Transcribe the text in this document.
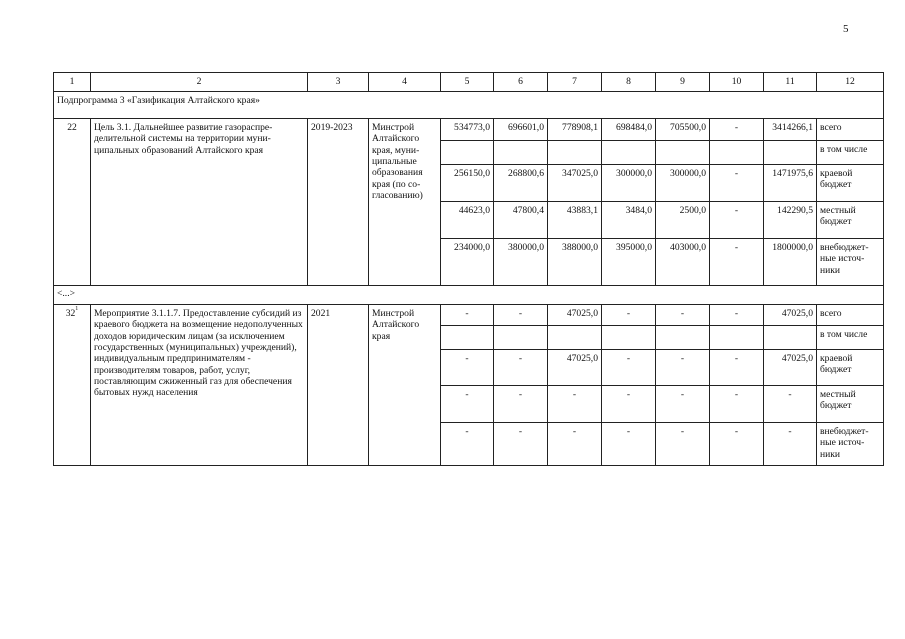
5
1	2	3	4	5	6	7	8	9	10	11	12
Подпрограмма 3 «Газификация Алтайского края»											
22	Цель 3.1. Дальнейшее развитие газораспределительной системы на территории муниципальных образований Алтайского края	2019-2023	Минстрой Алтайского края, муниципальные образования края (по согласованию)	534773,0	696601,0	778908,1	698484,0	705500,0	-	3414266,1	всего
											в том числе
				256150,0	268800,6	347025,0	300000,0	300000,0	-	1471975,6	краевой бюджет
				44623,0	47800,4	43883,1	3484,0	2500,0	-	142290,5	местный бюджет
				234000,0	380000,0	388000,0	395000,0	403000,0	-	1800000,0	внебюджетные источники
<...>											
$32^1$	Мероприятие 3.1.1.7. Предоставление субсидий из краевого бюджета на возмещение недополученных доходов юридическим лицам (за исключением государственных (муниципальных) учреждений), индивидуальным предпринимателям - производителям товаров, работ, услуг, поставляющим сжиженный газ для обеспечения бытовых нужд населения	2021	Минстрой Алтайского края	-	-	47025,0	-	-	-	47025,0	всего
											в том числе
				-	-	47025,0	-	-	-	47025,0	краевой бюджет
				-	-	-	-	-	-	-	местный бюджет
				-	-	-	-	-	-	-	внебюджетные источники
